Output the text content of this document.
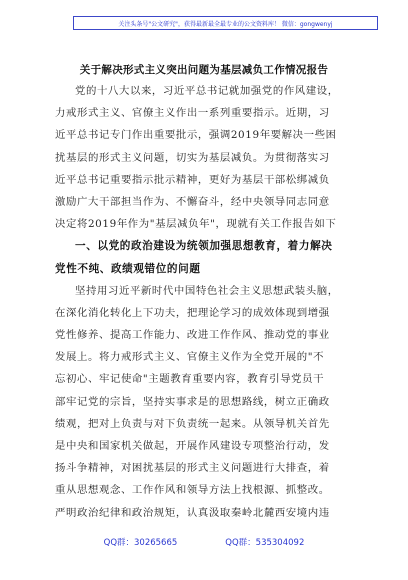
关注头条号"公文研究"，获得最新最全最专业的公文资料库！ 微信：gongwenyj
关于解决形式主义突出问题为基层减负工作情况报告
党的十八大以来，习近平总书记就加强党的作风建设，
力戒形式主义、官僚主义作出一系列重要指示。近期，习
近平总书记专门作出重要批示，强调2019年要解决一些困
扰基层的形式主义问题，切实为基层减负。为贯彻落实习
近平总书记重要指示批示精神，更好为基层干部松绑减负
激励广大干部担当作为、不懈奋斗，经中央领导同志同意
决定将2019年作为"基层减负年"，现就有关工作报告如下
一、以党的政治建设为统领加强思想教育，着力解决
党性不纯、政绩观错位的问题
坚持用习近平新时代中国特色社会主义思想武装头脑，
在深化消化转化上下功夫，把理论学习的成效体现到增强
党性修养、提高工作能力、改进工作作风、推动党的事业
发展上。将力戒形式主义、官僚主义作为全党开展的"不
忘初心、牢记使命"主题教育重要内容，教育引导党员干
部牢记党的宗旨，坚持实事求是的思想路线，树立正确政
绩观，把对上负责与对下负责统一起来。从领导机关首先
是中央和国家机关做起，开展作风建设专项整治行动，发
扬斗争精神，对困扰基层的形式主义问题进行大排查，着
重从思想观念、工作作风和领导方法上找根源、抓整改。
严明政治纪律和政治规矩，认真汲取秦岭北麓西安境内违
QQ群：30265665	QQ群：535304092
